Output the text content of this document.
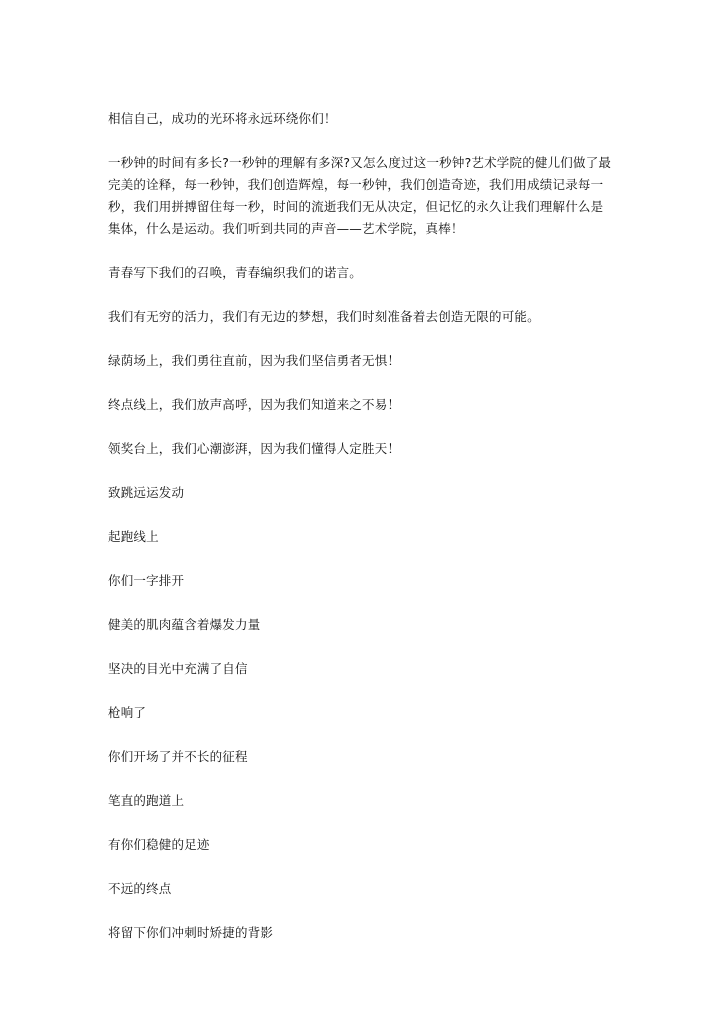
相信自己，成功的光环将永远环绕你们！

一秒钟的时间有多长?一秒钟的理解有多深?又怎么度过这一秒钟?艺术学院的健儿们做了最完美的诠释，每一秒钟，我们创造辉煌，每一秒钟，我们创造奇迹，我们用成绩记录每一秒，我们用拼搏留住每一秒，时间的流逝我们无从决定，但记忆的永久让我们理解什么是集体，什么是运动。我们听到共同的声音——艺术学院，真棒！

青春写下我们的召唤，青春编织我们的诺言。

我们有无穷的活力，我们有无边的梦想，我们时刻准备着去创造无限的可能。

绿荫场上，我们勇往直前，因为我们坚信勇者无惧！

终点线上，我们放声高呼，因为我们知道来之不易！

领奖台上，我们心潮澎湃，因为我们懂得人定胜天！

致跳远运发动

起跑线上

你们一字排开

健美的肌肉蕴含着爆发力量

坚决的目光中充满了自信

枪响了

你们开场了并不长的征程

笔直的跑道上

有你们稳健的足迹

不远的终点

将留下你们冲刺时矫捷的背影
